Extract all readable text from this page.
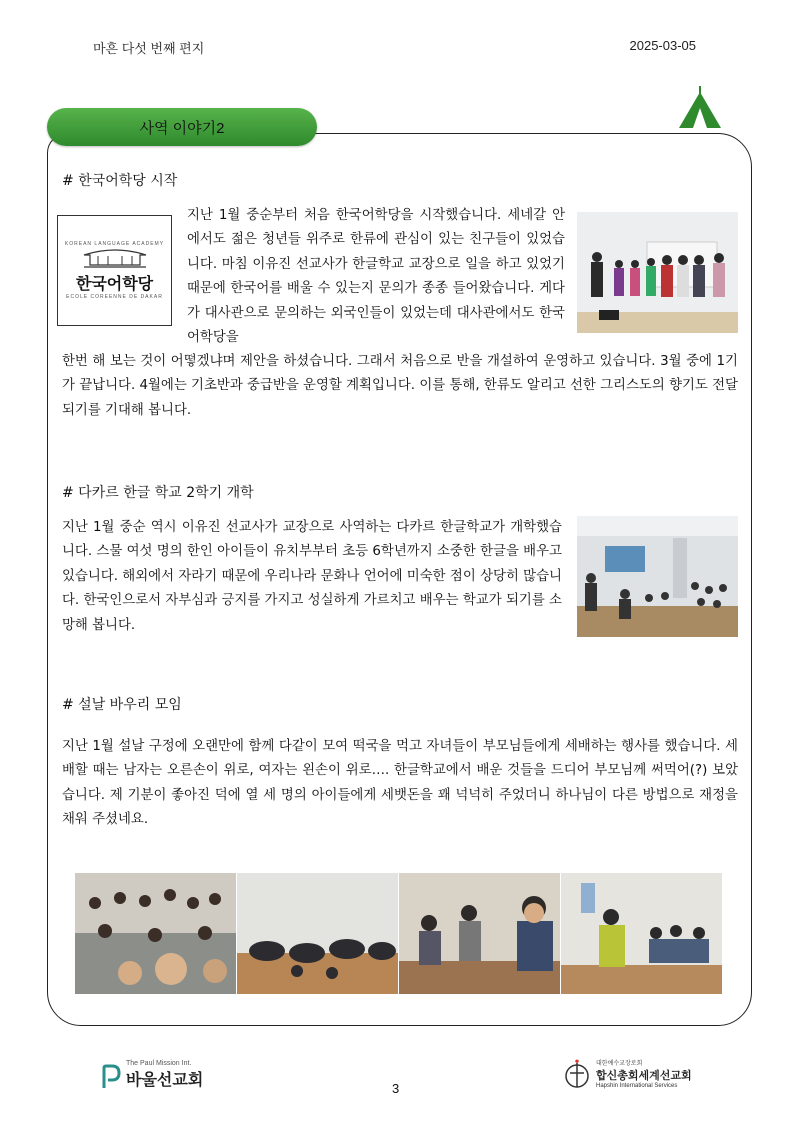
마흔 다섯 번째 편지	2025-03-05
사역 이야기2
# 한국어학당 시작
KOREAN LANGUAGE ACADEMY
한국어학당
ECOLE COREENNE DE DAKAR
지난 1월 중순부터 처음 한국어학당을 시작했습니다. 세네갈 안에서도 젊은 청년들 위주로 한류에 관심이 있는 친구들이 있었습니다. 마침 이유진 선교사가 한글학교 교장으로 일을 하고 있었기 때문에 한국어를 배울 수 있는지 문의가 종종 들어왔습니다. 게다가 대사관으로 문의하는 외국인들이 있었는데 대사관에서도 한국어학당을
한번 해 보는 것이 어떻겠냐며 제안을 하셨습니다. 그래서 처음으로 반을 개설하여 운영하고 있습니다. 3월 중에 1기가 끝납니다. 4월에는 기초반과 중급반을 운영할 계획입니다. 이를 통해, 한류도 알리고 선한 그리스도의 향기도 전달되기를 기대해 봅니다.
# 다카르 한글 학교 2학기 개학
지난 1월 중순 역시 이유진 선교사가 교장으로 사역하는 다카르 한글학교가 개학했습니다. 스물 여섯 명의 한인 아이들이 유치부부터 초등 6학년까지 소중한 한글을 배우고 있습니다. 해외에서 자라기 때문에 우리나라 문화나 언어에 미숙한 점이 상당히 많습니다. 한국인으로서 자부심과 긍지를 가지고 성실하게 가르치고 배우는 학교가 되기를 소망해 봅니다.
# 설날 바우리 모임
지난 1월 설날 구정에 오랜만에 함께 다같이 모여 떡국을 먹고 자녀들이 부모님들에게 세배하는 행사를 했습니다. 세배할 때는 남자는 오른손이 위로, 여자는 왼손이 위로…. 한글학교에서 배운 것들을 드디어 부모님께 써먹어(?) 보았습니다. 제 기분이 좋아진 덕에 열 세 명의 아이들에게 세뱃돈을 꽤 넉넉히 주었더니 하나님이 다른 방법으로 재정을 채워 주셨네요.
The Paul Mission Int.
바울선교회	3
대한예수교장로회
합신총회세계선교회
Hapshin International Services
